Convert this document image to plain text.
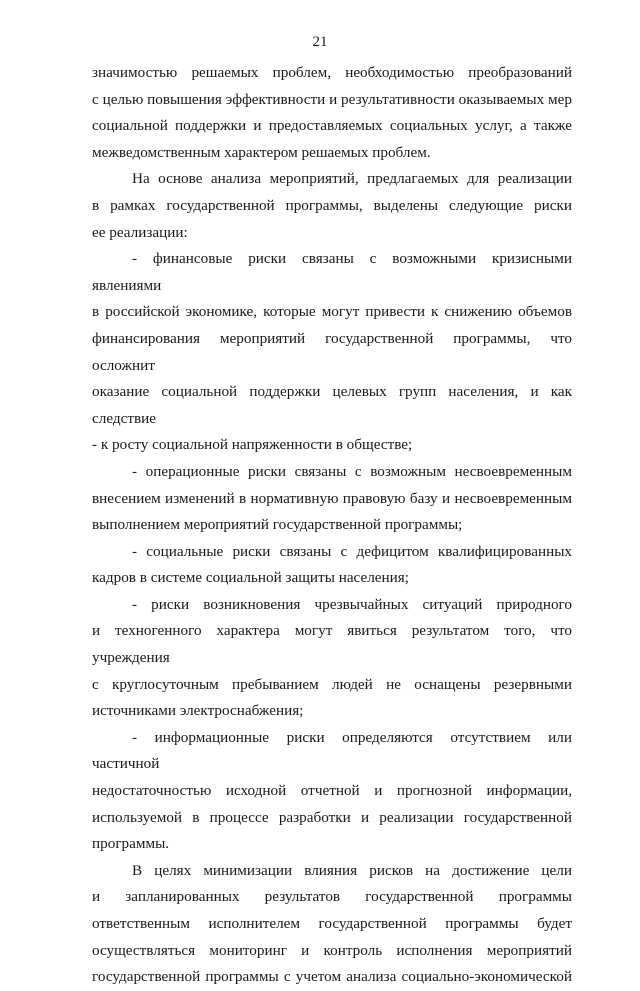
21

значимостью решаемых проблем, необходимостью преобразований

с целью повышения эффективности и результативности оказываемых мер

социальной поддержки и предоставляемых социальных услуг, а также

межведомственным характером решаемых проблем.

На основе анализа мероприятий, предлагаемых для реализации

в рамках государственной программы, выделены следующие риски

ее реализации:

- финансовые риски связаны с возможными кризисными явлениями

в российской экономике, которые могут привести к снижению объемов

финансирования мероприятий государственной программы, что осложнит

оказание социальной поддержки целевых групп населения, и как следствие

- к росту социальной напряженности в обществе;

- операционные риски связаны с возможным несвоевременным

внесением изменений в нормативную правовую базу и несвоевременным

выполнением мероприятий государственной программы;

- социальные риски связаны с дефицитом квалифицированных

кадров в системе социальной защиты населения;

- риски возникновения чрезвычайных ситуаций природного

и техногенного характера могут явиться результатом того, что учреждения

с круглосуточным пребыванием людей не оснащены резервными

источниками электроснабжения;

- информационные риски определяются отсутствием или частичной

недостаточностью исходной отчетной и прогнозной информации,

используемой в процессе разработки и реализации государственной

программы.

В целях минимизации влияния рисков на достижение цели

и запланированных результатов государственной программы

ответственным исполнителем государственной программы будет

осуществляться мониторинг и контроль исполнения мероприятий

государственной программы с учетом анализа социально-экономической
